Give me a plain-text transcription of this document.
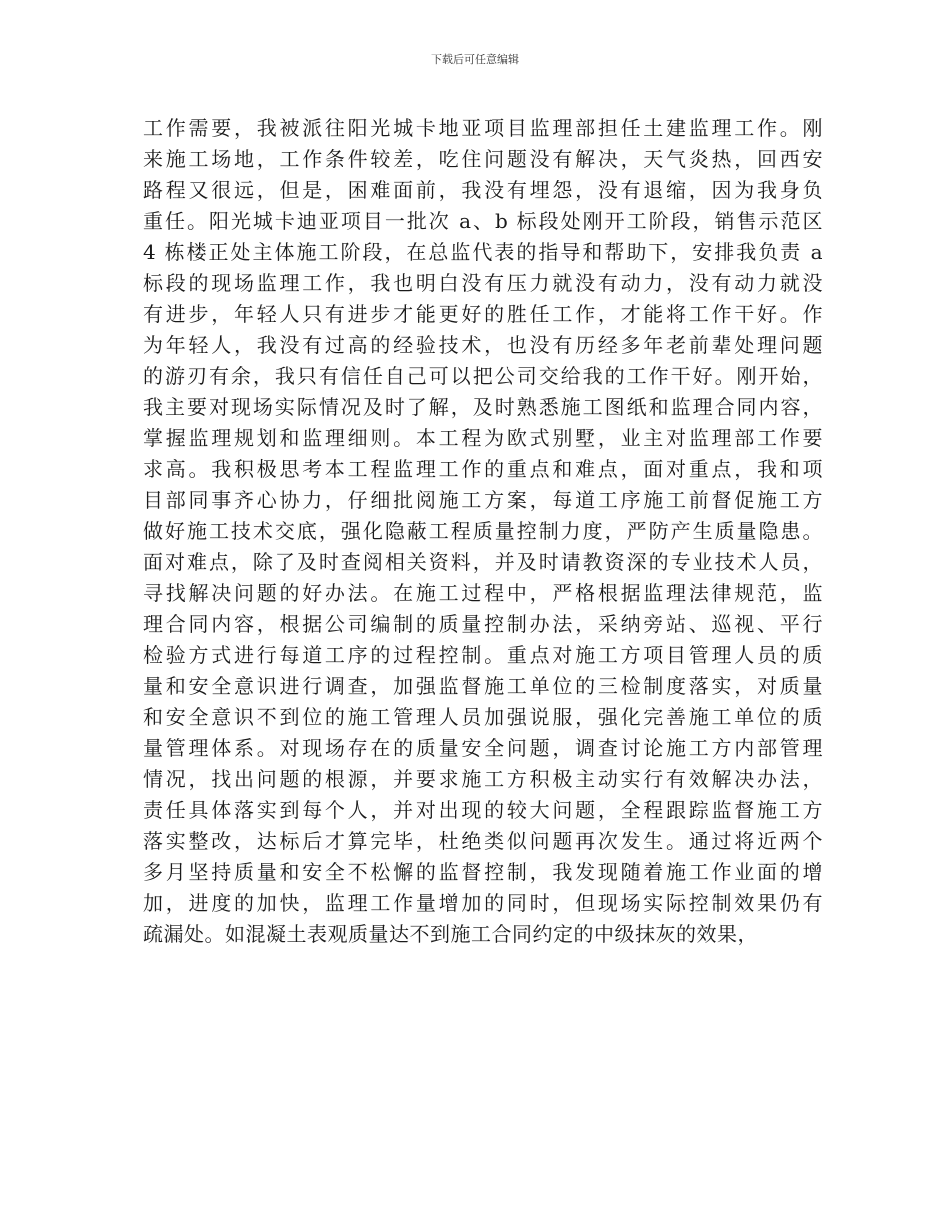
下载后可任意编辑
工作需要，我被派往阳光城卡地亚项目监理部担任土建监理工作。刚
来施工场地，工作条件较差，吃住问题没有解决，天气炎热，回西安
路程又很远，但是，困难面前，我没有埋怨，没有退缩，因为我身负
重任。阳光城卡迪亚项目一批次 a、b 标段处刚开工阶段，销售示范区
4 栋楼正处主体施工阶段，在总监代表的指导和帮助下，安排我负责 a
标段的现场监理工作，我也明白没有压力就没有动力，没有动力就没
有进步，年轻人只有进步才能更好的胜任工作，才能将工作干好。作
为年轻人，我没有过高的经验技术，也没有历经多年老前辈处理问题
的游刃有余，我只有信任自己可以把公司交给我的工作干好。刚开始，
我主要对现场实际情况及时了解，及时熟悉施工图纸和监理合同内容，
掌握监理规划和监理细则。本工程为欧式别墅，业主对监理部工作要
求高。我积极思考本工程监理工作的重点和难点，面对重点，我和项
目部同事齐心协力，仔细批阅施工方案，每道工序施工前督促施工方
做好施工技术交底，强化隐蔽工程质量控制力度，严防产生质量隐患。
面对难点，除了及时查阅相关资料，并及时请教资深的专业技术人员，
寻找解决问题的好办法。在施工过程中，严格根据监理法律规范，监
理合同内容，根据公司编制的质量控制办法，采纳旁站、巡视、平行
检验方式进行每道工序的过程控制。重点对施工方项目管理人员的质
量和安全意识进行调查，加强监督施工单位的三检制度落实，对质量
和安全意识不到位的施工管理人员加强说服，强化完善施工单位的质
量管理体系。对现场存在的质量安全问题，调查讨论施工方内部管理
情况，找出问题的根源，并要求施工方积极主动实行有效解决办法，
责任具体落实到每个人，并对出现的较大问题，全程跟踪监督施工方
落实整改，达标后才算完毕，杜绝类似问题再次发生。通过将近两个
多月坚持质量和安全不松懈的监督控制，我发现随着施工作业面的增
加，进度的加快，监理工作量增加的同时，但现场实际控制效果仍有
疏漏处。如混凝土表观质量达不到施工合同约定的中级抹灰的效果，
